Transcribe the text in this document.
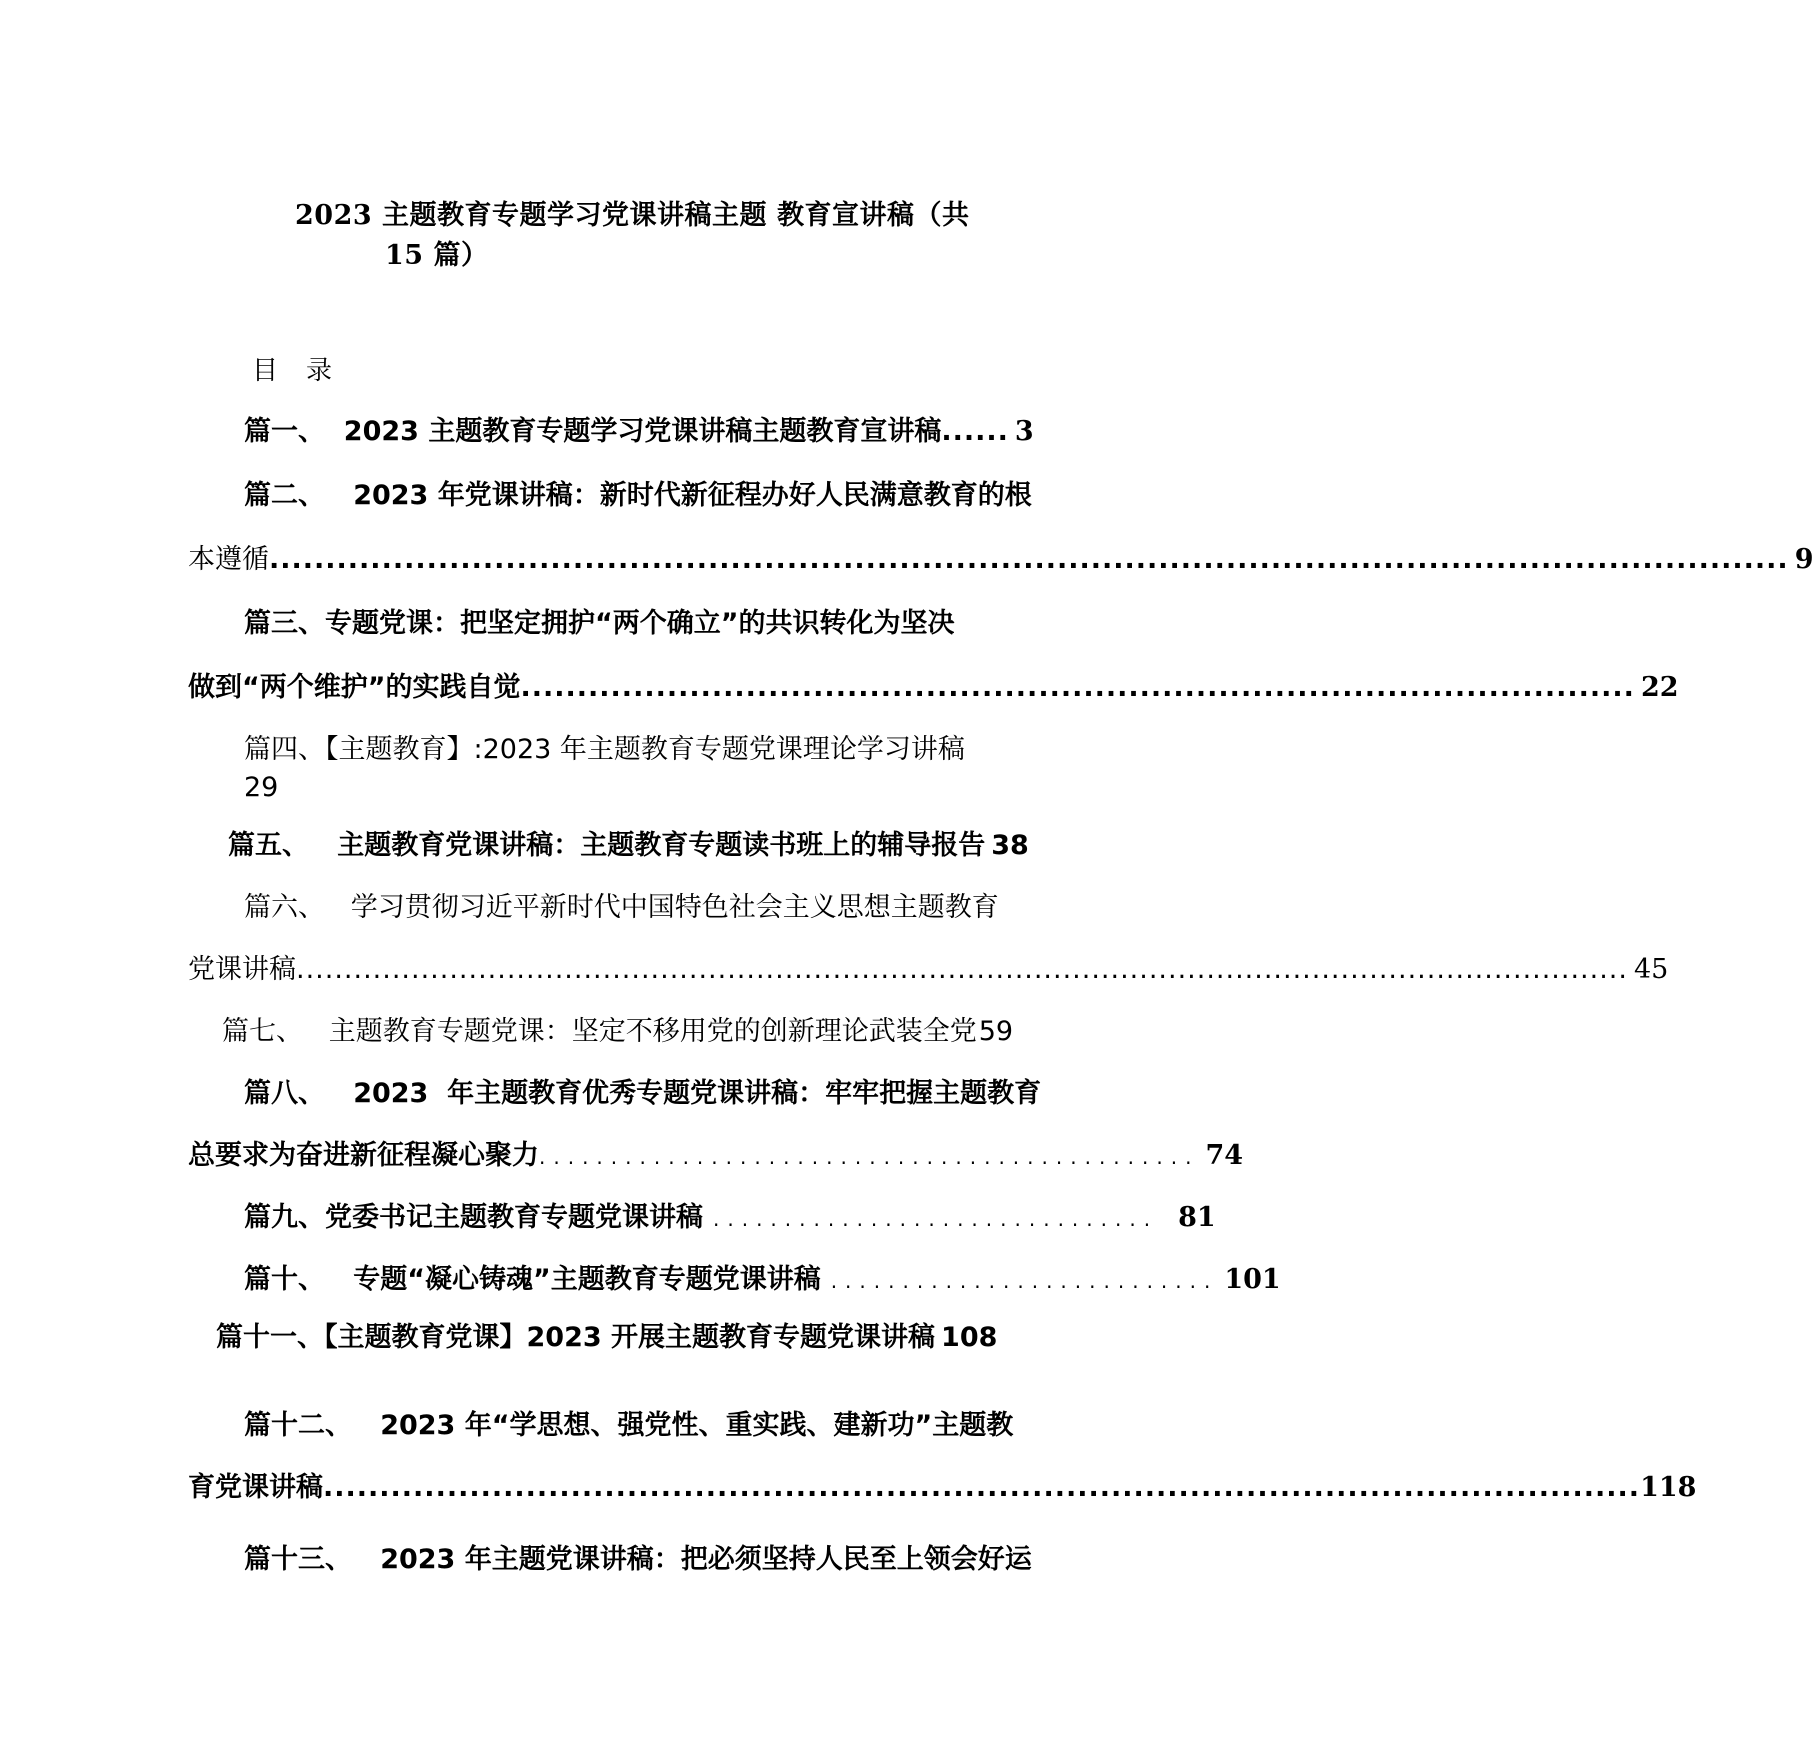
2023 主题教育专题学习党课讲稿主题 教育宣讲稿（共
15 篇）
目录
篇一、  2023 主题教育专题学习党课讲稿主题教育宣讲稿 ...... 3
篇二、   2023 年党课讲稿：新时代新征程办好人民满意教育的根
本遵循 ....................................................................................................................................... 9
篇三、专题党课：把坚定拥护“两个确立”的共识转化为坚决
做到“两个维护”的实践自觉 ................................................................................................... 22
篇四、【主题教育】:2023 年主题教育专题党课理论学习讲稿
29
篇五、   主题教育党课讲稿：主题教育专题读书班上的辅导报告 38
篇六、   学习贯彻习近平新时代中国特色社会主义思想主题教育
党课讲稿 ........................................................................................................................................... 45
篇七、   主题教育专题党课：坚定不移用党的创新理论武装全党 59
篇八、   2023  年主题教育优秀专题党课讲稿：牢牢把握主题教育
总要求为奋进新征程凝心聚力 .............................................. 74
篇九、党委书记主题教育专题党课讲稿 ............................... 81
篇十、   专题“凝心铸魂”主题教育专题党课讲稿 ........................... 101
篇十一、【主题教育党课】2023 开展主题教育专题党课讲稿 108
篇十二、   2023 年“学思想、强党性、重实践、建新功”主题教
育党课讲稿 ..................................................................................................................... 118
篇十三、   2023 年主题党课讲稿：把必须坚持人民至上领会好运
